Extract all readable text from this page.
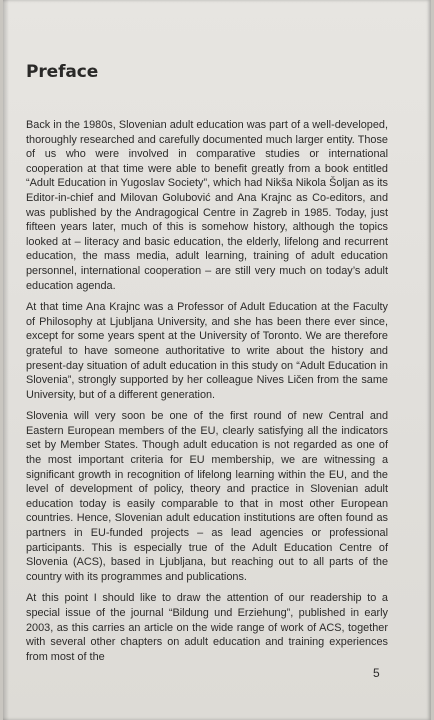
Preface

Back in the 1980s, Slovenian adult education was part of a well-developed, thoroughly researched and carefully documented much larger entity. Those of us who were involved in comparative studies or international cooperation at that time were able to benefit greatly from a book entitled “Adult Education in Yugoslav Society”, which had Nikša Nikola Šoljan as its Editor-in-chief and Milovan Golubović and Ana Krajnc as Co-editors, and was published by the Andragogical Centre in Zagreb in 1985. Today, just fifteen years later, much of this is somehow history, although the topics looked at – literacy and basic education, the elderly, lifelong and recurrent education, the mass media, adult learning, training of adult education personnel, international cooperation – are still very much on today’s adult education agenda.

At that time Ana Krajnc was a Professor of Adult Education at the Faculty of Philosophy at Ljubljana University, and she has been there ever since, except for some years spent at the University of Toronto. We are therefore grateful to have someone authoritative to write about the history and present-day situation of adult education in this study on “Adult Education in Slovenia”, strongly supported by her colleague Nives Ličen from the same University, but of a different generation.

Slovenia will very soon be one of the first round of new Central and Eastern European members of the EU, clearly satisfying all the indicators set by Member States. Though adult education is not regarded as one of the most important criteria for EU membership, we are witnessing a significant growth in recognition of lifelong learning within the EU, and the level of development of policy, theory and practice in Slovenian adult education today is easily comparable to that in most other European countries. Hence, Slovenian adult education institutions are often found as partners in EU-funded projects – as lead agencies or professional participants. This is especially true of the Adult Education Centre of Slovenia (ACS), based in Ljubljana, but reaching out to all parts of the country with its programmes and publications.

At this point I should like to draw the attention of our readership to a special issue of the journal “Bildung und Erziehung”, published in early 2003, as this carries an article on the wide range of work of ACS, together with several other chapters on adult education and training experiences from most of the

5
